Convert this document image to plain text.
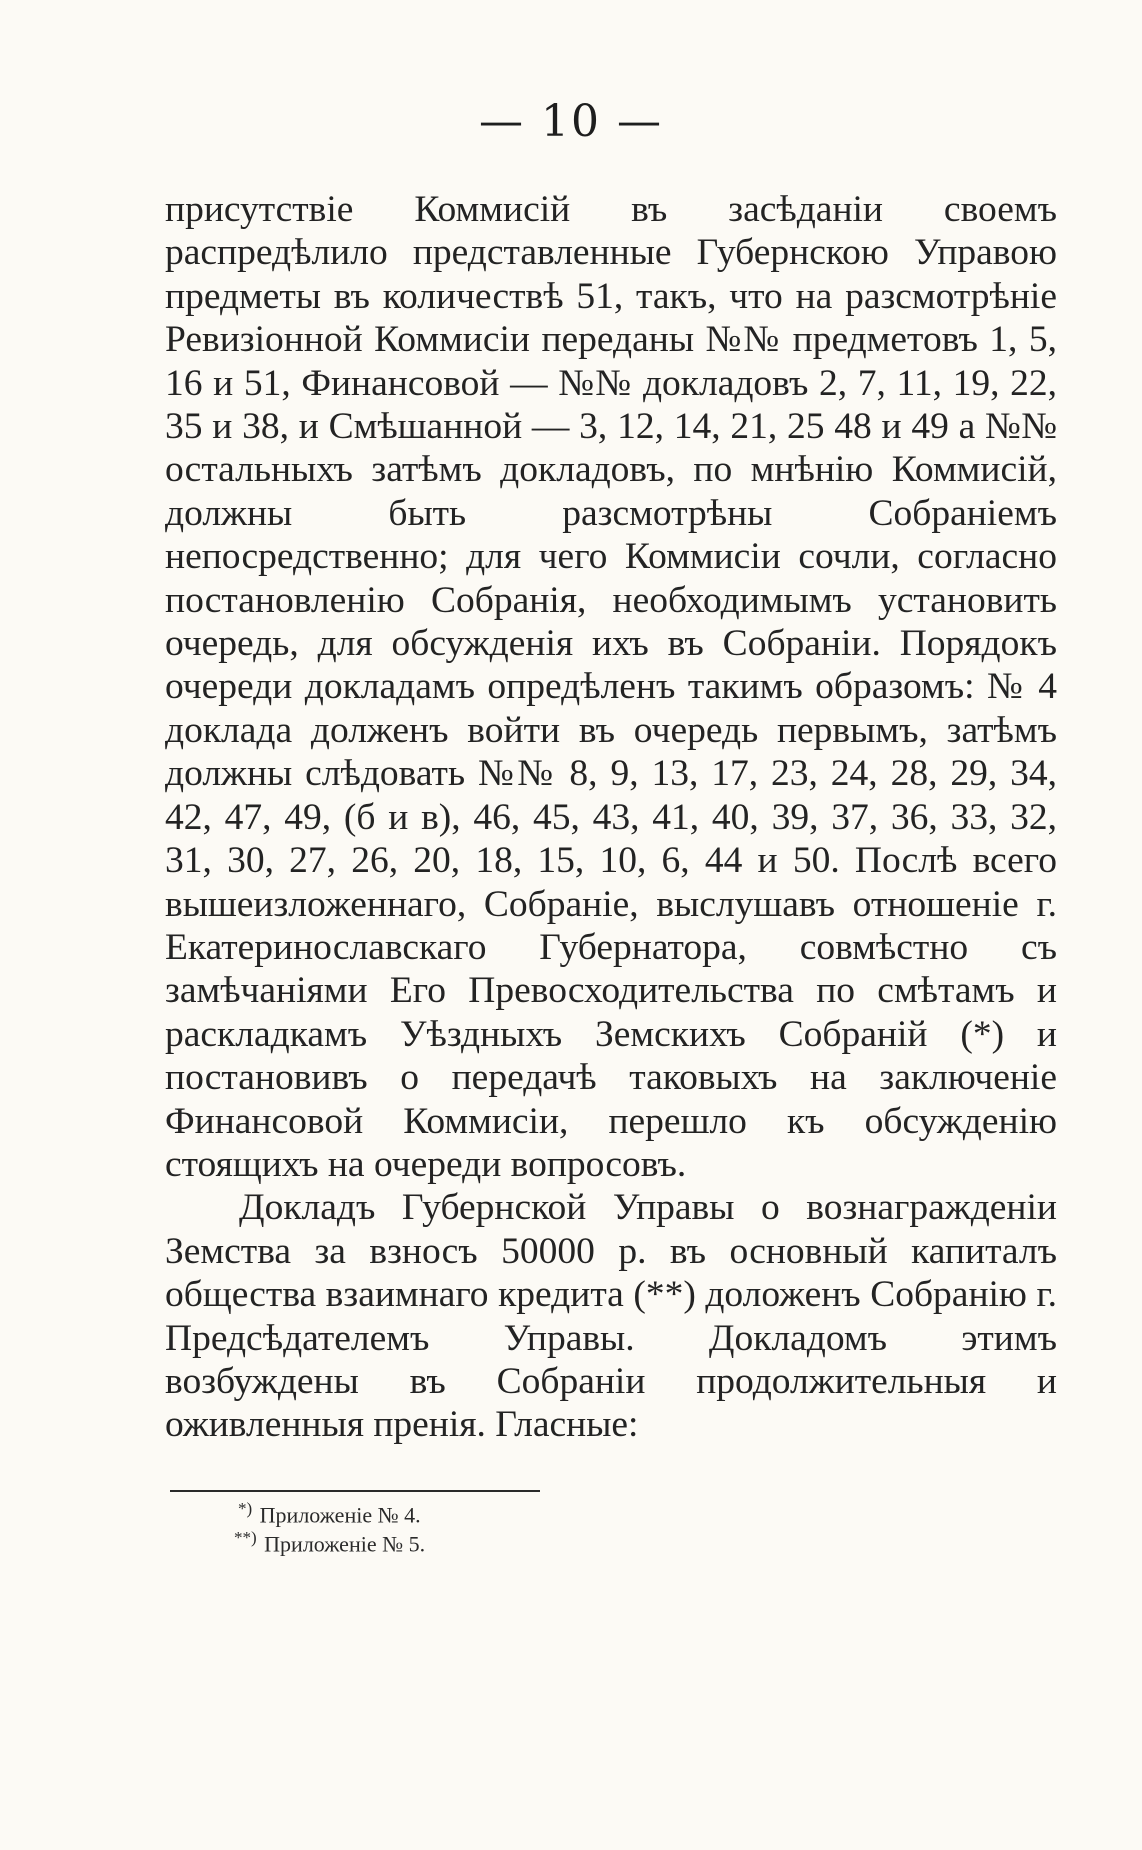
— 10 —

присутствіе Коммисій въ засѣданіи своемъ распредѣлило представленные Губернскою Управою предметы въ количествѣ 51, такъ, что на разсмотрѣніе Ревизіонной Коммисіи переданы №№ предметовъ 1, 5, 16 и 51, Финансовой — №№ докладовъ 2, 7, 11, 19, 22, 35 и 38, и Смѣшанной — 3, 12, 14, 21, 25 48 и 49 а №№ остальныхъ затѣмъ докладовъ, по мнѣнію Коммисій, должны быть разсмотрѣны Собраніемъ непосредственно; для чего Коммисіи сочли, согласно постановленію Собранія, необходимымъ установить очередь, для обсужденія ихъ въ Собраніи. Порядокъ очереди докладамъ опредѣленъ такимъ образомъ: № 4 доклада долженъ войти въ очередь первымъ, затѣмъ должны слѣдовать №№ 8, 9, 13, 17, 23, 24, 28, 29, 34, 42, 47, 49, (б и в), 46, 45, 43, 41, 40, 39, 37, 36, 33, 32, 31, 30, 27, 26, 20, 18, 15, 10, 6, 44 и 50. Послѣ всего вышеизложеннаго, Собраніе, выслушавъ отношеніе г. Екатеринославскаго Губернатора, совмѣстно съ замѣчаніями Его Превосходительства по смѣтамъ и раскладкамъ Уѣздныхъ Земскихъ Собраній (*) и постановивъ о передачѣ таковыхъ на заключеніе Финансовой Коммисіи, перешло къ обсужденію стоящихъ на очереди вопросовъ.

Докладъ Губернской Управы о вознагражденіи Земства за взносъ 50000 р. въ основный капиталъ общества взаимнаго кредита (**) доложенъ Собранію г. Предсѣдателемъ Управы. Докладомъ этимъ возбуждены въ Собраніи продолжительныя и оживленныя пренія. Гласные:

*) Приложеніе № 4.
**) Приложеніе № 5.
